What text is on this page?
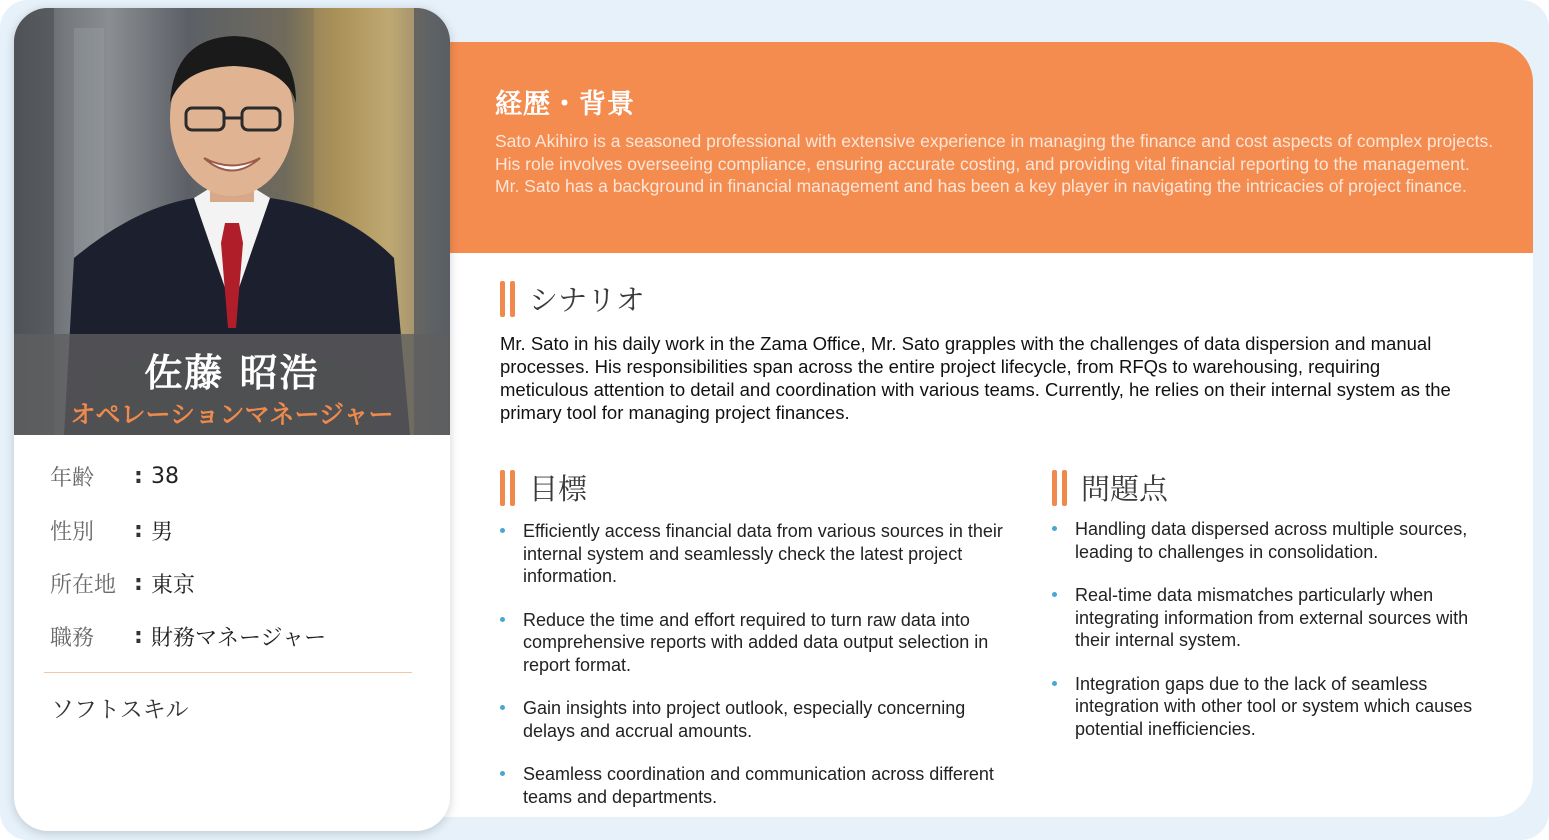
経歴・背景

Sato Akihiro is a seasoned professional with extensive experience in managing the finance and cost aspects of complex projects. His role involves overseeing compliance, ensuring accurate costing, and providing vital financial reporting to the management. Mr. Sato has a background in financial management and has been a key player in navigating the intricacies of project finance.

シナリオ

Mr. Sato in his daily work in the Zama Office, Mr. Sato grapples with the challenges of data dispersion and manual processes. His responsibilities span across the entire project lifecycle, from RFQs to warehousing, requiring meticulous attention to detail and coordination with various teams. Currently, he relies on their internal system as the primary tool for managing project finances.

目標
Efficiently access financial data from various sources in their internal system and seamlessly check the latest project information.
Reduce the time and effort required to turn raw data into comprehensive reports with added data output selection in report format.
Gain insights into project outlook, especially concerning delays and accrual amounts.
Seamless coordination and communication across different teams and departments.
問題点
Handling data dispersed across multiple sources, leading to challenges in consolidation.
Real-time data mismatches particularly when integrating information from external sources with their internal system.
Integration gaps due to the lack of seamless integration with other tool or system which causes potential inefficiencies.
佐藤 昭浩
オペレーションマネージャー
年齢	: 38
性別	: 男
所在地 : 東京
職務	: 財務マネージャー
ソフトスキル
